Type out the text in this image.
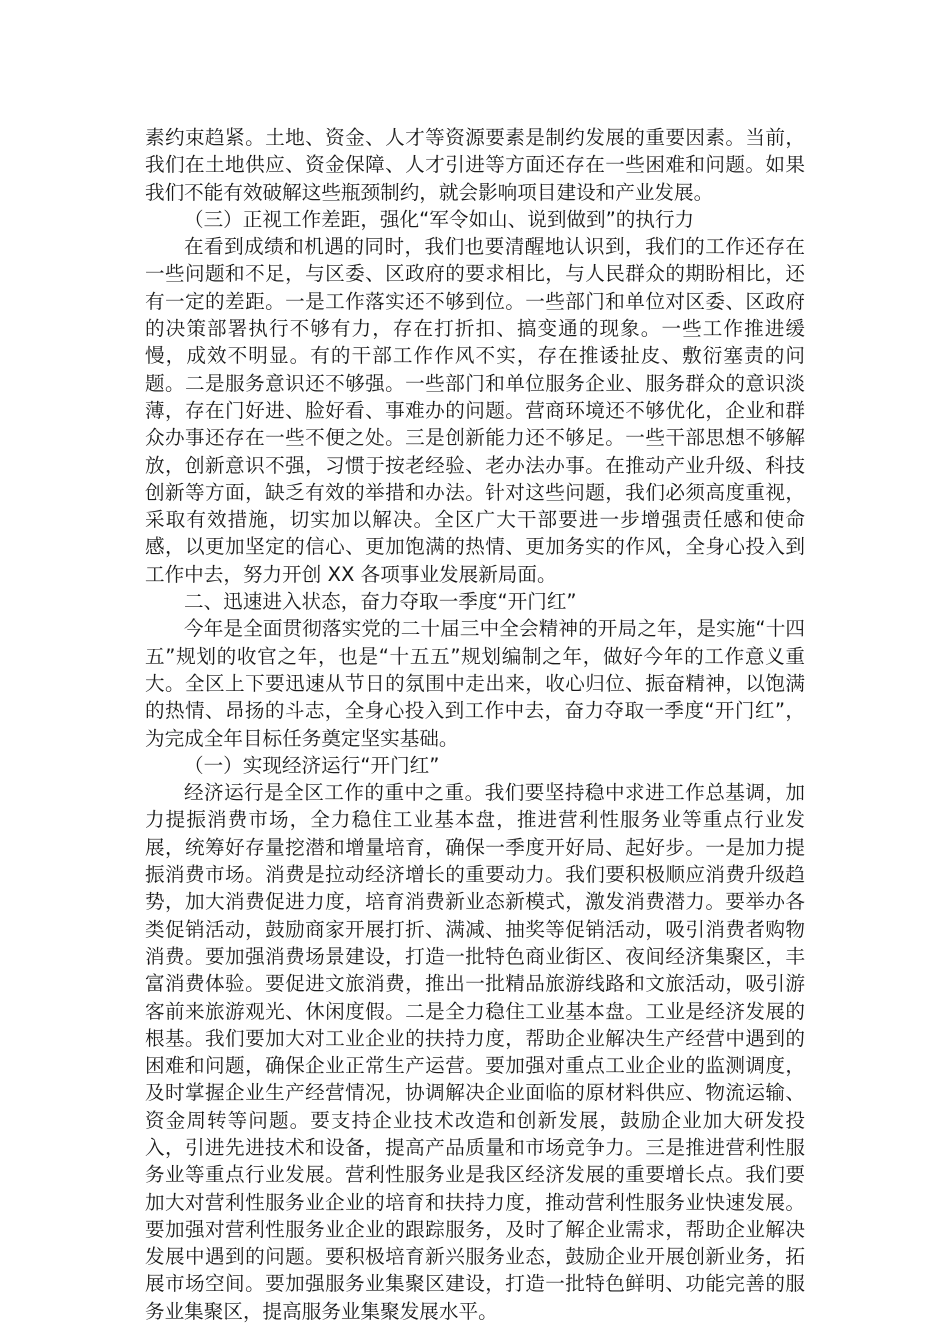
素约束趋紧。土地、资金、人才等资源要素是制约发展的重要因素。当前，我们在土地供应、资金保障、人才引进等方面还存在一些困难和问题。如果我们不能有效破解这些瓶颈制约，就会影响项目建设和产业发展。

（三）正视工作差距，强化“军令如山、说到做到”的执行力

在看到成绩和机遇的同时，我们也要清醒地认识到，我们的工作还存在一些问题和不足，与区委、区政府的要求相比，与人民群众的期盼相比，还有一定的差距。一是工作落实还不够到位。一些部门和单位对区委、区政府的决策部署执行不够有力，存在打折扣、搞变通的现象。一些工作推进缓慢，成效不明显。有的干部工作作风不实，存在推诿扯皮、敷衍塞责的问题。二是服务意识还不够强。一些部门和单位服务企业、服务群众的意识淡薄，存在门好进、脸好看、事难办的问题。营商环境还不够优化，企业和群众办事还存在一些不便之处。三是创新能力还不够足。一些干部思想不够解放，创新意识不强，习惯于按老经验、老办法办事。在推动产业升级、科技创新等方面，缺乏有效的举措和办法。针对这些问题，我们必须高度重视，采取有效措施，切实加以解决。全区广大干部要进一步增强责任感和使命感，以更加坚定的信心、更加饱满的热情、更加务实的作风，全身心投入到工作中去，努力开创 XX 各项事业发展新局面。

二、迅速进入状态，奋力夺取一季度“开门红”

今年是全面贯彻落实党的二十届三中全会精神的开局之年，是实施“十四五”规划的收官之年，也是“十五五”规划编制之年，做好今年的工作意义重大。全区上下要迅速从节日的氛围中走出来，收心归位、振奋精神，以饱满的热情、昂扬的斗志，全身心投入到工作中去，奋力夺取一季度“开门红”，为完成全年目标任务奠定坚实基础。

（一）实现经济运行“开门红”

经济运行是全区工作的重中之重。我们要坚持稳中求进工作总基调，加力提振消费市场，全力稳住工业基本盘，推进营利性服务业等重点行业发展，统筹好存量挖潜和增量培育，确保一季度开好局、起好步。一是加力提振消费市场。消费是拉动经济增长的重要动力。我们要积极顺应消费升级趋势，加大消费促进力度，培育消费新业态新模式，激发消费潜力。要举办各类促销活动，鼓励商家开展打折、满减、抽奖等促销活动，吸引消费者购物消费。要加强消费场景建设，打造一批特色商业街区、夜间经济集聚区，丰富消费体验。要促进文旅消费，推出一批精品旅游线路和文旅活动，吸引游客前来旅游观光、休闲度假。二是全力稳住工业基本盘。工业是经济发展的根基。我们要加大对工业企业的扶持力度，帮助企业解决生产经营中遇到的困难和问题，确保企业正常生产运营。要加强对重点工业企业的监测调度，及时掌握企业生产经营情况，协调解决企业面临的原材料供应、物流运输、资金周转等问题。要支持企业技术改造和创新发展，鼓励企业加大研发投入，引进先进技术和设备，提高产品质量和市场竞争力。三是推进营利性服务业等重点行业发展。营利性服务业是我区经济发展的重要增长点。我们要加大对营利性服务业企业的培育和扶持力度，推动营利性服务业快速发展。要加强对营利性服务业企业的跟踪服务，及时了解企业需求，帮助企业解决发展中遇到的问题。要积极培育新兴服务业态，鼓励企业开展创新业务，拓展市场空间。要加强服务业集聚区建设，打造一批特色鲜明、功能完善的服务业集聚区，提高服务业集聚发展水平。
